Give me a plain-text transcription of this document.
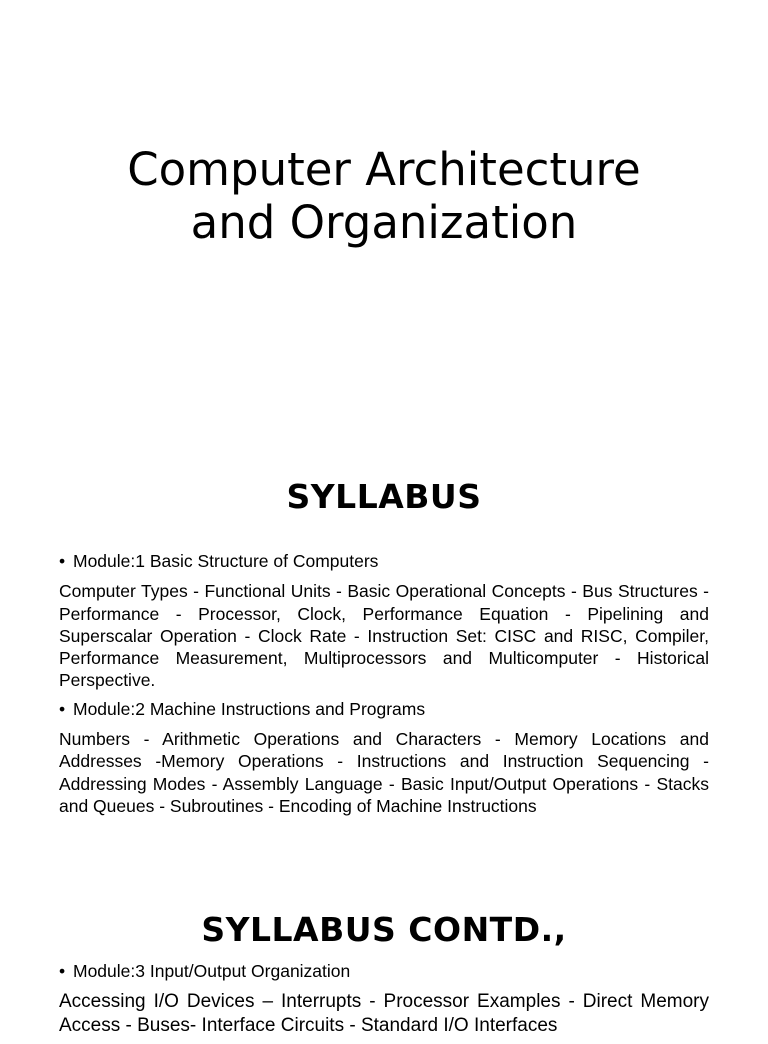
Computer Architecture
and Organization
SYLLABUS

• Module:1 Basic Structure of Computers

Computer Types - Functional Units - Basic Operational Concepts - Bus Structures - Performance - Processor, Clock, Performance Equation - Pipelining and Superscalar Operation - Clock Rate - Instruction Set: CISC and RISC, Compiler, Performance Measurement, Multiprocessors and Multicomputer - Historical Perspective.

• Module:2 Machine Instructions and Programs

Numbers - Arithmetic Operations and Characters - Memory Locations and Addresses -Memory Operations - Instructions and Instruction Sequencing - Addressing Modes - Assembly Language - Basic Input/Output Operations - Stacks and Queues - Subroutines - Encoding of Machine Instructions

SYLLABUS CONTD.,

• Module:3 Input/Output Organization

Accessing I/O Devices – Interrupts - Processor Examples - Direct Memory Access - Buses- Interface Circuits - Standard I/O Interfaces
